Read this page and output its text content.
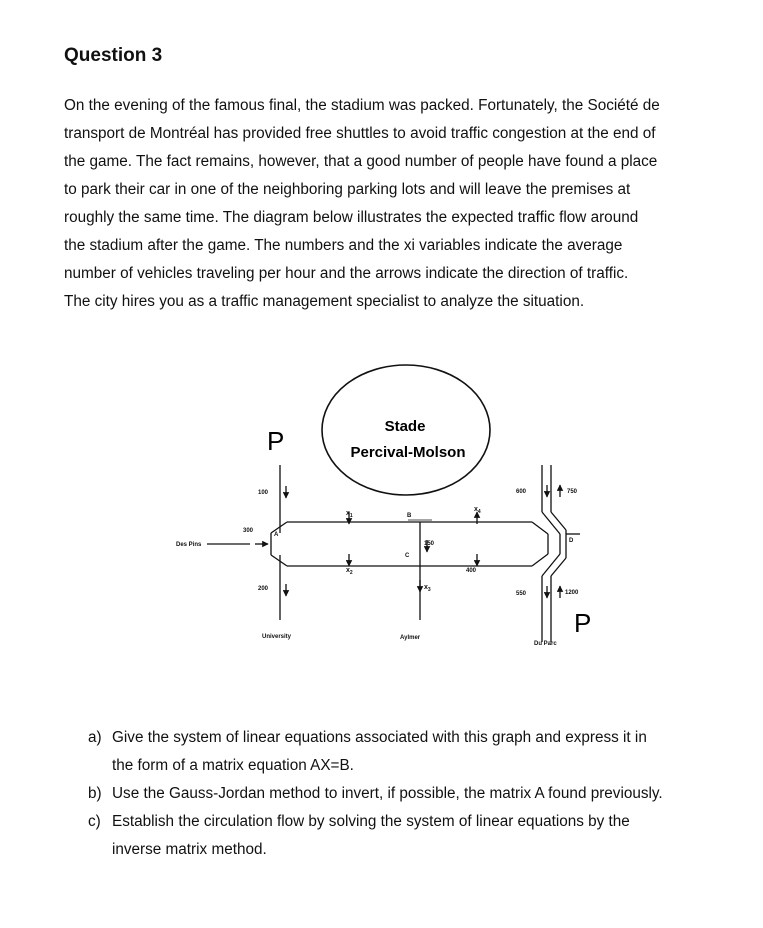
Question 3

On the evening of the famous final, the stadium was packed. Fortunately, the Société de
transport de Montréal has provided free shuttles to avoid traffic congestion at the end of
the game. The fact remains, however, that a good number of people have found a place
to park their car in one of the neighboring parking lots and will leave the premises at
roughly the same time. The diagram below illustrates the expected traffic flow around
the stadium after the game. The numbers and the xi variables indicate the average
number of vehicles traveling per hour and the arrows indicate the direction of traffic.
The city hires you as a traffic management specialist to analyze the situation.

Stade
Percival-Molson
P
P
100
300
200
150
400
600	750
550	1200
A
B
C
D
$x_1$
$x_2$
$x_3$
$x_4$
Des Pins
University	Aylmer
Du Parc
a) Give the system of linear equations associated with this graph and express it in
the form of a matrix equation AX=B.
b) Use the Gauss-Jordan method to invert, if possible, the matrix A found previously.
c) Establish the circulation flow by solving the system of linear equations by the
inverse matrix method.
